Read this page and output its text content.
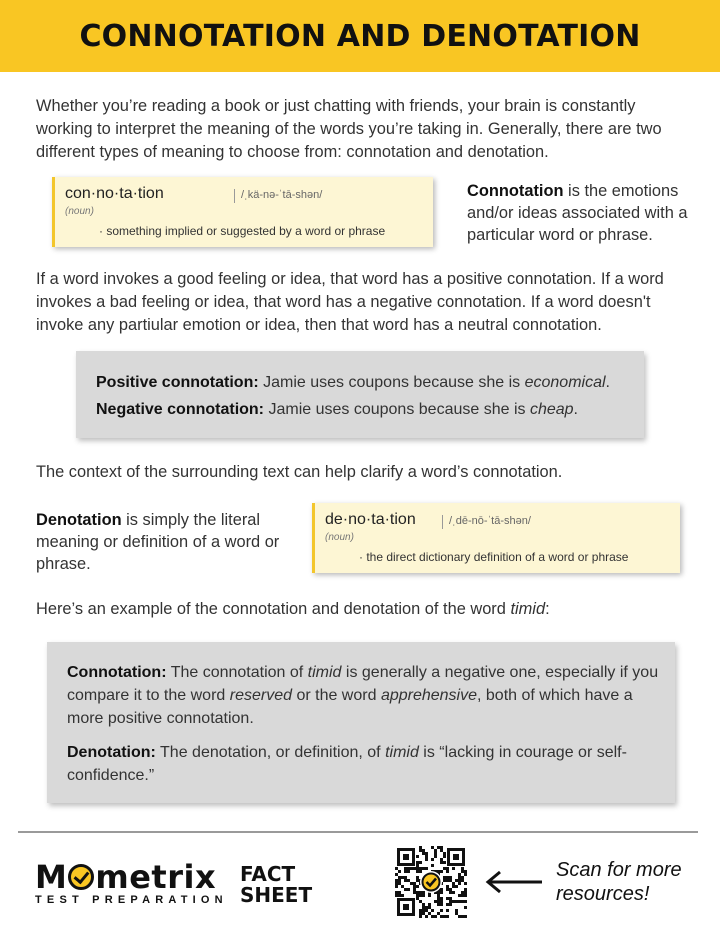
CONNOTATION AND DENOTATION

Whether you’re reading a book or just chatting with friends, your brain is constantly working to interpret the meaning of the words you’re taking in. Generally, there are two different types of meaning to choose from: connotation and denotation.

con·no·ta·tion	/ˌkä-nə-ˈtā-shən/
(noun)
· something implied or suggested by a word or phrase

Connotation is the emotions and/or ideas associated with a particular word or phrase.

If a word invokes a good feeling or idea, that word has a positive connotation. If a word invokes a bad feeling or idea, that word has a negative connotation. If a word doesn't invoke any partiular emotion or idea, then that word has a neutral connotation.

Positive connotation: Jamie uses coupons because she is economical.

Negative connotation: Jamie uses coupons because she is cheap.

The context of the surrounding text can help clarify a word’s connotation.

Denotation is simply the literal meaning or definition of a word or phrase.

de·no·ta·tion	/ˌdē-nō-ˈtā-shən/
(noun)
· the direct dictionary definition of a word or phrase

Here’s an example of the connotation and denotation of the word timid:

Connotation: The connotation of timid is generally a negative one, especially if you compare it to the word reserved or the word apprehensive, both of which have a more positive connotation.

Denotation: The denotation, or definition, of timid is “lacking in courage or self-confidence.”

M metrix
TEST PREPARATION
FACT
SHEET
Scan for more
resources!
